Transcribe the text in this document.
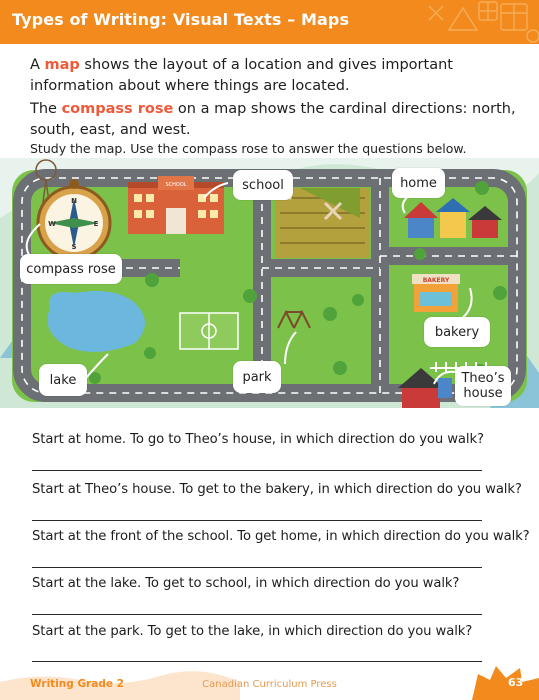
Types of Writing: Visual Texts – Maps
A map shows the layout of a location and gives important information about where things are located.
The compass rose on a map shows the cardinal directions: north, south, east, and west.
Study the map. Use the compass rose to answer the questions below.
SCHOOL
BAKERY
N
S
E
W
school	home
compass rose
bakery
lake	park	Theo’s
house
Start at home. To go to Theo’s house, in which direction do you walk?
Start at Theo’s house. To get to the bakery, in which direction do you walk?
Start at the front of the school. To get home, in which direction do you walk?
Start at the lake. To get to school, in which direction do you walk?
Start at the park. To get to the lake, in which direction do you walk?
Writing Grade 2	Canadian Curriculum Press	63
